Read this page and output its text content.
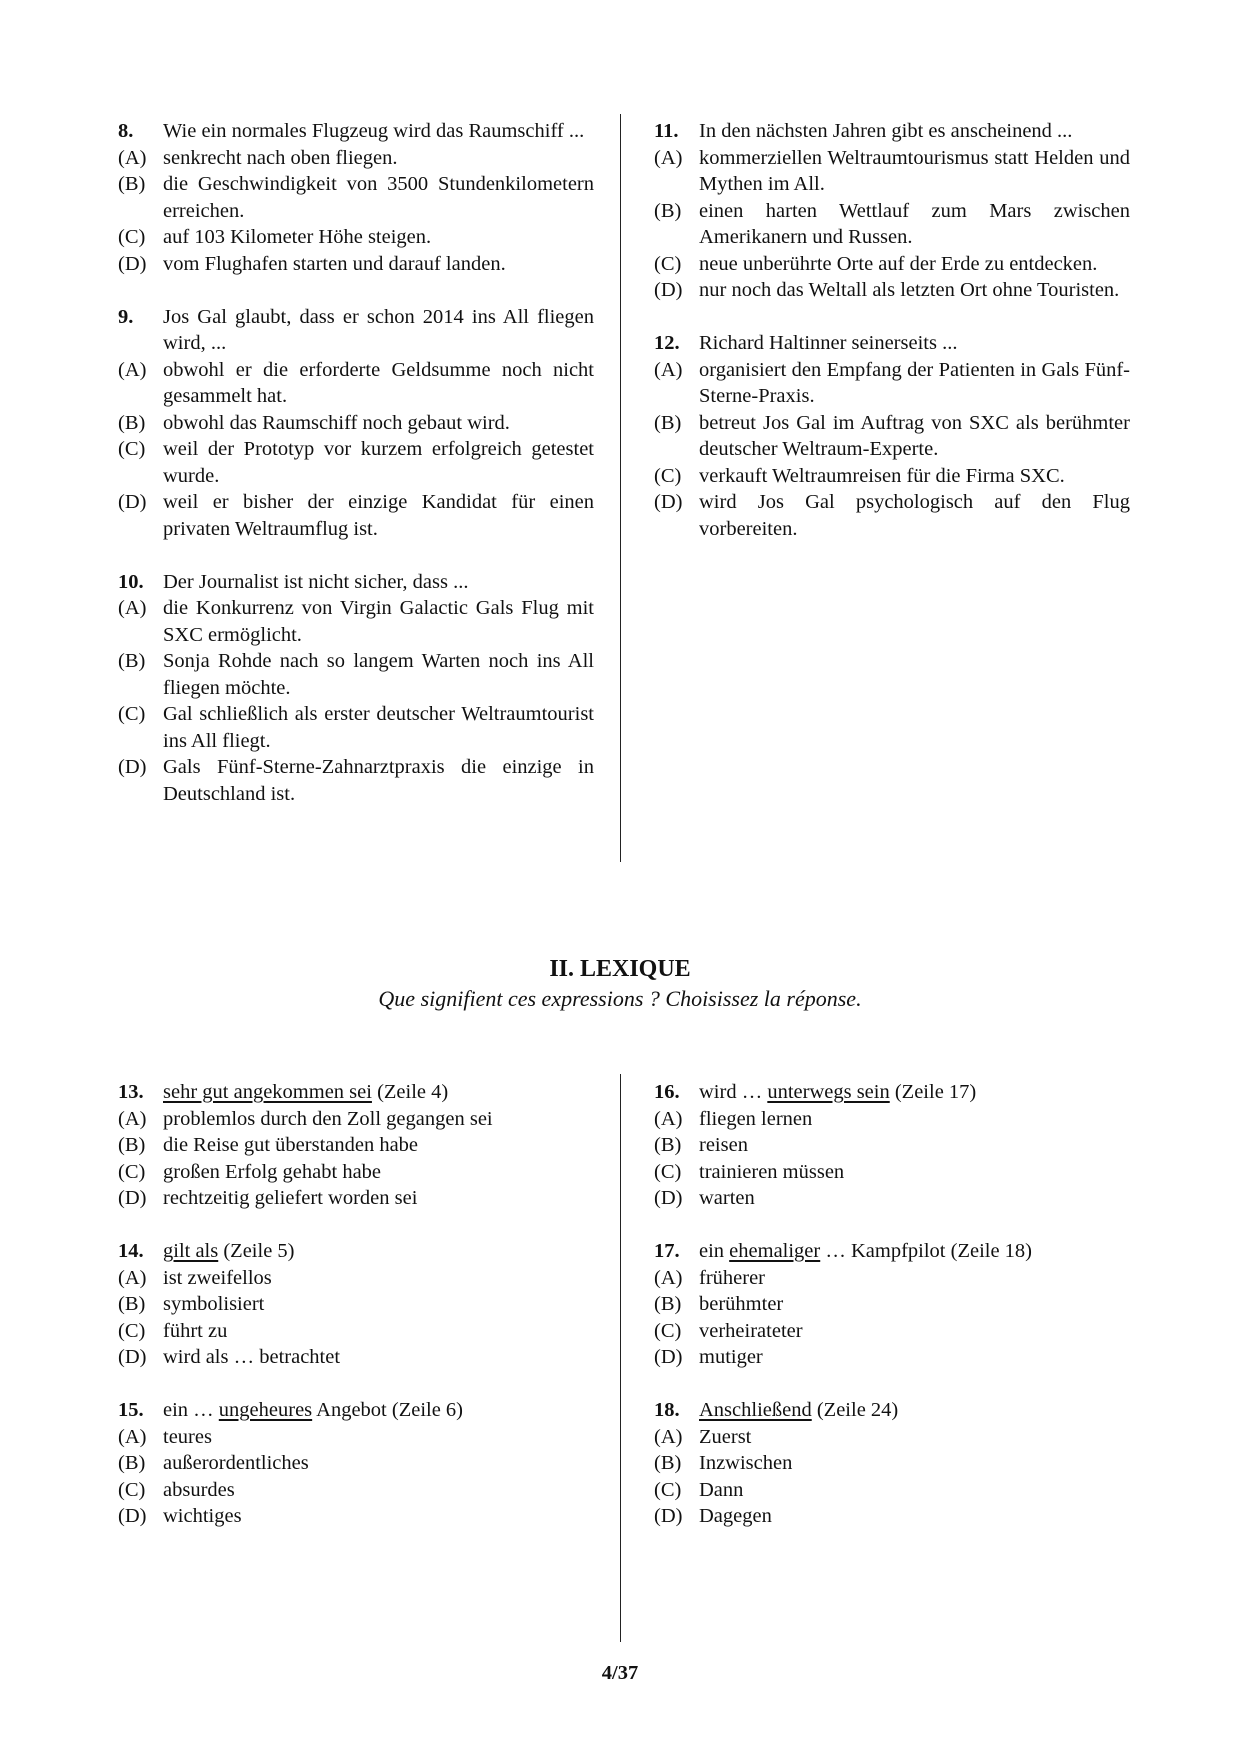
8.	Wie ein normales Flugzeug wird das Raumschiff ...
(A) senkrecht nach oben fliegen.
(B) die Geschwindigkeit von 3500 Stundenkilometern erreichen.
(C) auf 103 Kilometer Höhe steigen.
(D) vom Flughafen starten und darauf landen.
9.	Jos Gal glaubt, dass er schon 2014 ins All fliegen wird, ...
(A) obwohl er die erforderte Geldsumme noch nicht gesammelt hat.
(B) obwohl das Raumschiff noch gebaut wird.
(C) weil der Prototyp vor kurzem erfolgreich getestet wurde.
(D) weil er bisher der einzige Kandidat für einen privaten Weltraumflug ist.
10. Der Journalist ist nicht sicher, dass ...
(A) die Konkurrenz von Virgin Galactic Gals Flug mit SXC ermöglicht.
(B) Sonja Rohde nach so langem Warten noch ins All fliegen möchte.
(C) Gal schließlich als erster deutscher Weltraumtourist ins All fliegt.
(D) Gals Fünf-Sterne-Zahnarztpraxis die einzige in Deutschland ist.
11.	In den nächsten Jahren gibt es anscheinend ...
(A) kommerziellen Weltraumtourismus statt Helden und Mythen im All.
(B) einen harten Wettlauf zum Mars zwischen Amerikanern und Russen.
(C) neue unberührte Orte auf der Erde zu entdecken.
(D) nur noch das Weltall als letzten Ort ohne Touristen.
12. Richard Haltinner seinerseits ...
(A) organisiert den Empfang der Patienten in Gals Fünf-Sterne-Praxis.
(B) betreut Jos Gal im Auftrag von SXC als berühmter deutscher Weltraum-Experte.
(C) verkauft Weltraumreisen für die Firma SXC.
(D) wird Jos Gal psychologisch auf den Flug vorbereiten.
II. LEXIQUE
Que signifient ces expressions ? Choisissez la réponse.
13. sehr gut angekommen sei (Zeile 4)
(A) problemlos durch den Zoll gegangen sei
(B) die Reise gut überstanden habe
(C) großen Erfolg gehabt habe
(D) rechtzeitig geliefert worden sei
14. gilt als (Zeile 5)
(A) ist zweifellos
(B) symbolisiert
(C) führt zu
(D) wird als … betrachtet
15. ein … ungeheures Angebot (Zeile 6)
(A) teures
(B) außerordentliches
(C) absurdes
(D) wichtiges
16. wird … unterwegs sein (Zeile 17)
(A) fliegen lernen
(B) reisen
(C) trainieren müssen
(D) warten
17. ein ehemaliger … Kampfpilot (Zeile 18)
(A) früherer
(B) berühmter
(C) verheirateter
(D) mutiger
18. Anschließend (Zeile 24)
(A) Zuerst
(B) Inzwischen
(C) Dann
(D) Dagegen
4/37
